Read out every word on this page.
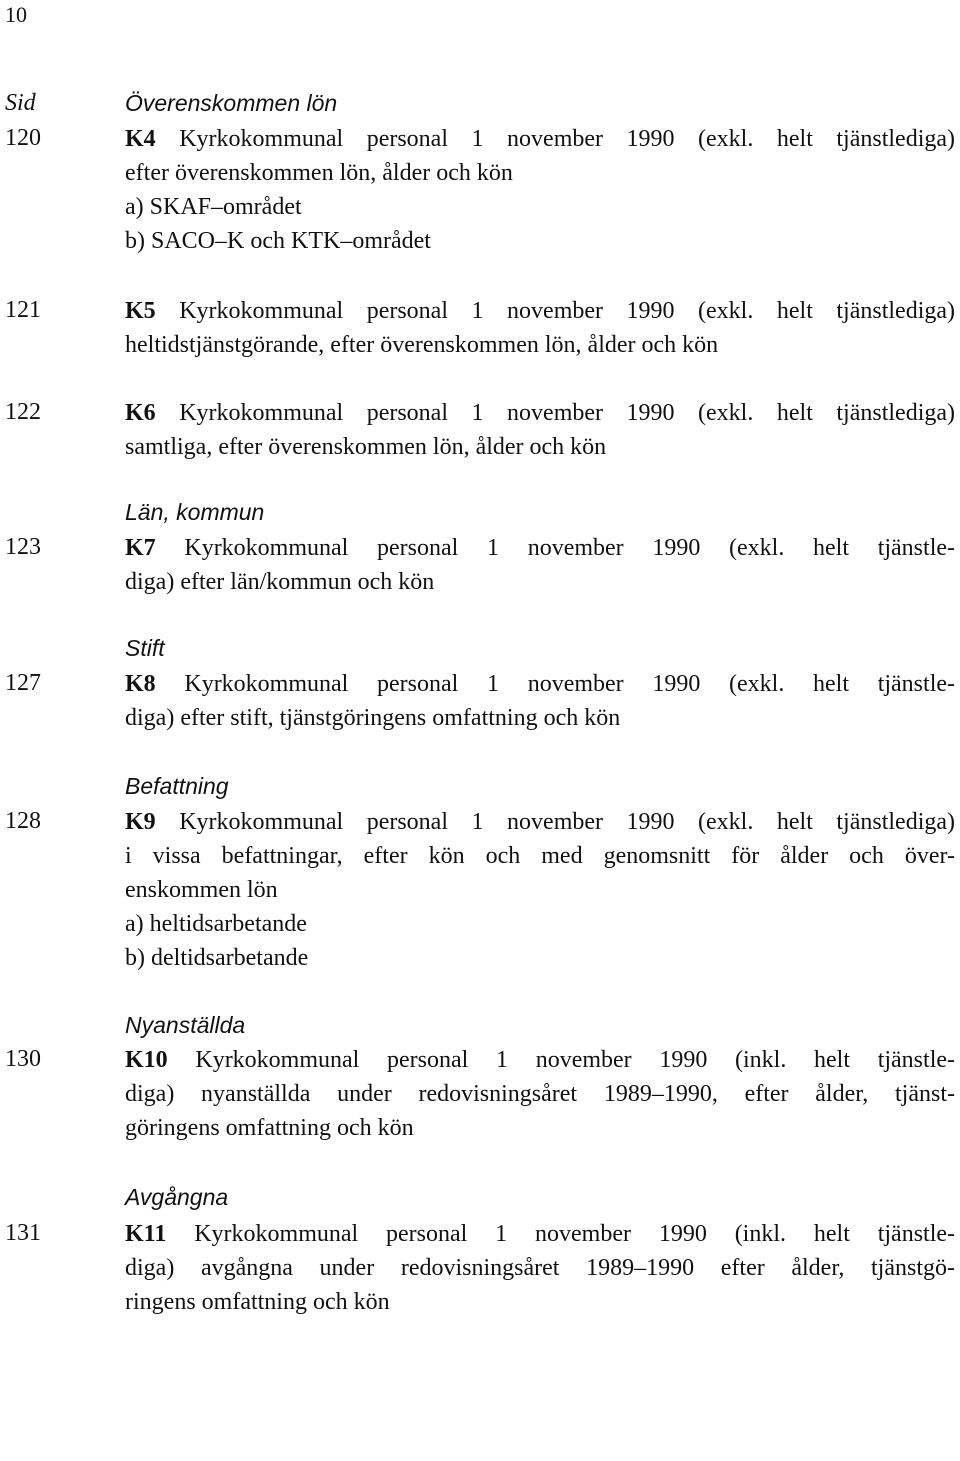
10
Sid	Överenskommen lön
120	K4 Kyrkokommunal personal 1 november 1990 (exkl. helt tjänstlediga)
efter överenskommen lön, ålder och kön
a) SKAF–området
b) SACO–K och KTK–området
121	K5 Kyrkokommunal personal 1 november 1990 (exkl. helt tjänstlediga)
heltidstjänstgörande, efter överenskommen lön, ålder och kön
122	K6 Kyrkokommunal personal 1 november 1990 (exkl. helt tjänstlediga)
samtliga, efter överenskommen lön, ålder och kön
Län, kommun
123	K7 Kyrkokommunal personal 1 november 1990 (exkl. helt tjänstle-
diga) efter län/kommun och kön
Stift
127	K8 Kyrkokommunal personal 1 november 1990 (exkl. helt tjänstle-
diga) efter stift, tjänstgöringens omfattning och kön
Befattning
128	K9 Kyrkokommunal personal 1 november 1990 (exkl. helt tjänstlediga)
i vissa befattningar, efter kön och med genomsnitt för ålder och över-
enskommen lön
a) heltidsarbetande
b) deltidsarbetande
Nyanställda
130	K10 Kyrkokommunal personal 1 november 1990 (inkl. helt tjänstle-
diga) nyanställda under redovisningsåret 1989–1990, efter ålder, tjänst-
göringens omfattning och kön
Avgångna
131	K11 Kyrkokommunal personal 1 november 1990 (inkl. helt tjänstle-
diga) avgångna under redovisningsåret 1989–1990 efter ålder, tjänstgö-
ringens omfattning och kön
